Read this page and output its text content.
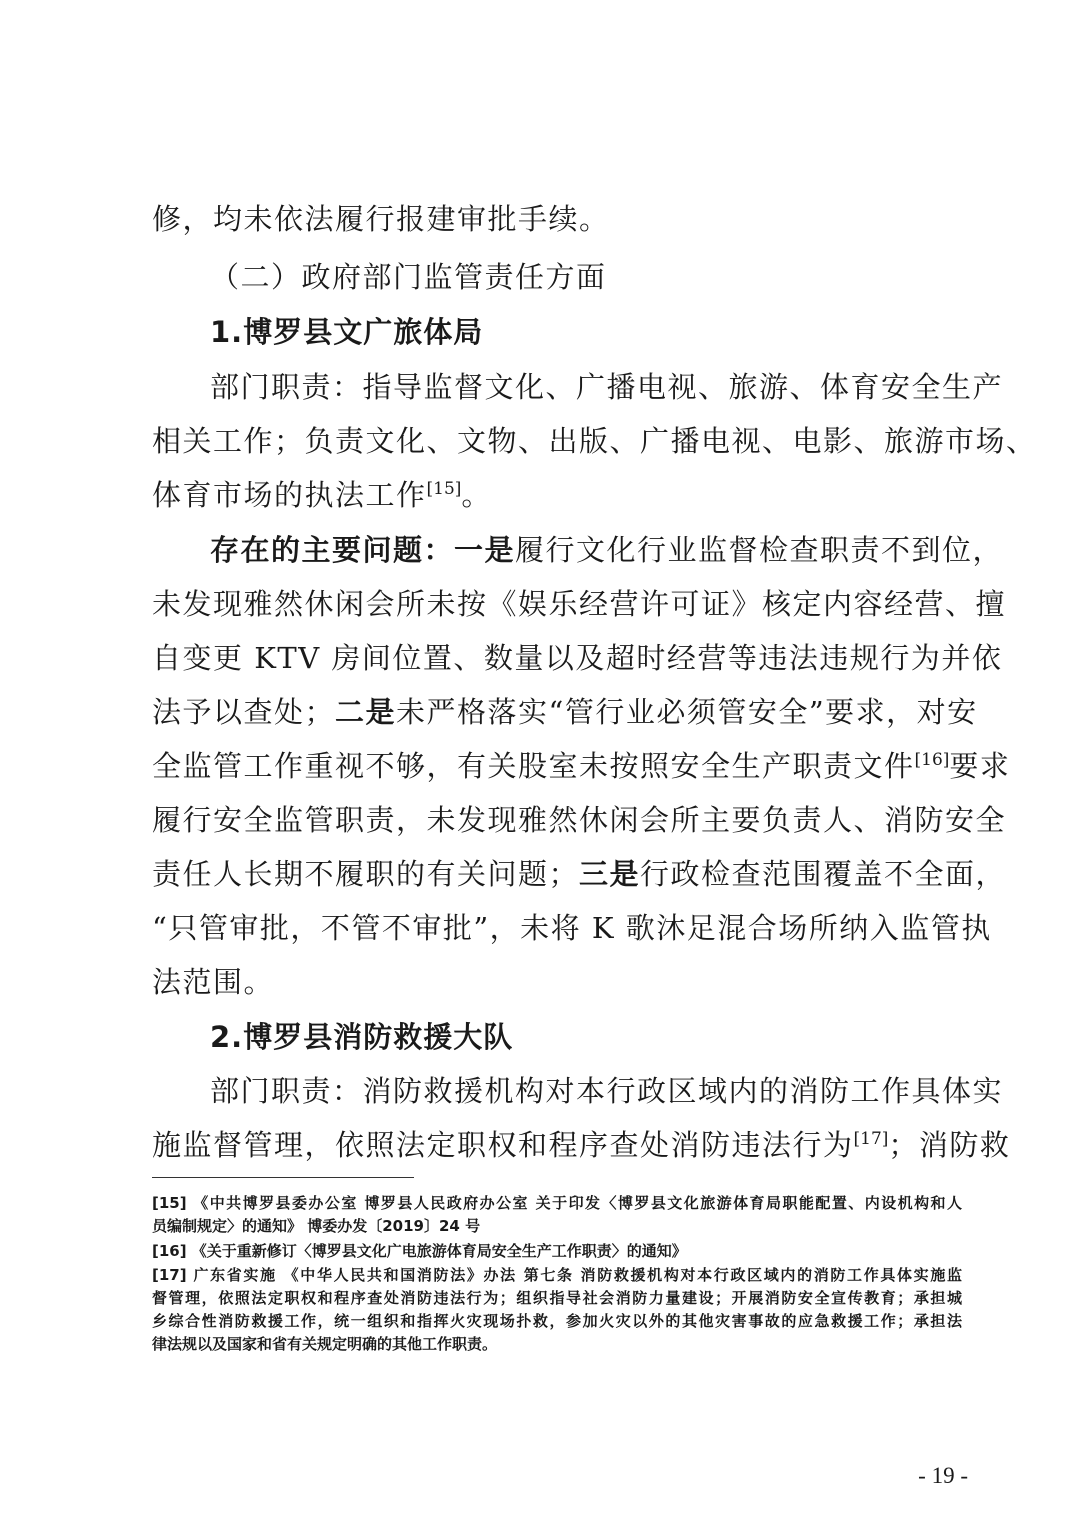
修，均未依法履行报建审批手续。
（二）政府部门监管责任方面
1.博罗县文广旅体局
部门职责：指导监督文化、广播电视、旅游、体育安全生产
相关工作；负责文化、文物、出版、广播电视、电影、旅游市场、
体育市场的执法工作[15]。
存在的主要问题：一是履行文化行业监督检查职责不到位，
未发现雅然休闲会所未按《娱乐经营许可证》核定内容经营、擅
自变更 KTV 房间位置、数量以及超时经营等违法违规行为并依
法予以查处；二是未严格落实“管行业必须管安全”要求，对安
全监管工作重视不够，有关股室未按照安全生产职责文件[16]要求
履行安全监管职责，未发现雅然休闲会所主要负责人、消防安全
责任人长期不履职的有关问题；三是行政检查范围覆盖不全面，
“只管审批，不管不审批”，未将 K 歌沐足混合场所纳入监管执
法范围。
2.博罗县消防救援大队
部门职责：消防救援机构对本行政区域内的消防工作具体实
施监督管理，依照法定职权和程序查处消防违法行为[17]；消防救
[15] 《中共博罗县委办公室 博罗县人民政府办公室 关于印发〈博罗县文化旅游体育局职能配置、内设机构和人
员编制规定〉的通知》 博委办发〔2019〕24 号
[16] 《关于重新修订〈博罗县文化广电旅游体育局安全生产工作职责〉的通知》
[17] 广东省实施 《中华人民共和国消防法》办法 第七条 消防救援机构对本行政区域内的消防工作具体实施监
督管理，依照法定职权和程序查处消防违法行为；组织指导社会消防力量建设；开展消防安全宣传教育；承担城
乡综合性消防救援工作，统一组织和指挥火灾现场扑救，参加火灾以外的其他灾害事故的应急救援工作；承担法
律法规以及国家和省有关规定明确的其他工作职责。
- 19 -
